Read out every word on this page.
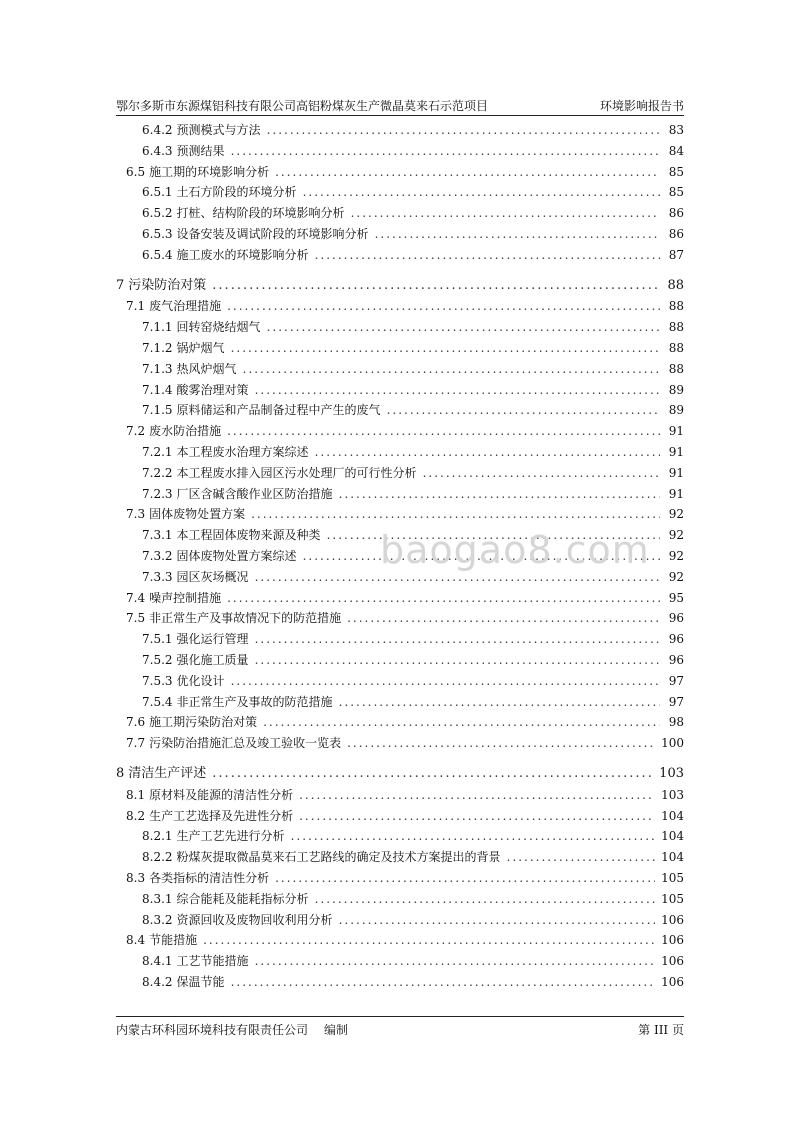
鄂尔多斯市东源煤铝科技有限公司高铝粉煤灰生产微晶莫来石示范项目	环境影响报告书
6.4.2 预测模式与方法 .....	83
6.4.3 预测结果 .....	84
6.5 施工期的环境影响分析 .....	85
6.5.1 土石方阶段的环境分析 .....	85
6.5.2 打桩、结构阶段的环境影响分析 .....	86
6.5.3 设备安装及调试阶段的环境影响分析 .....	86
6.5.4 施工废水的环境影响分析 .....	87
7 污染防治对策 .....	88
7.1 废气治理措施 .....	88
7.1.1 回转窑烧结烟气 .....	88
7.1.2 锅炉烟气 .....	88
7.1.3 热风炉烟气 .....	88
7.1.4 酸雾治理对策 .....	89
7.1.5 原料储运和产品制备过程中产生的废气 .....	89
7.2 废水防治措施 .....	91
7.2.1 本工程废水治理方案综述 .....	91
7.2.2 本工程废水排入园区污水处理厂的可行性分析 .....	91
7.2.3 厂区含碱含酸作业区防治措施 .....	91
7.3 固体废物处置方案 .....	92
7.3.1 本工程固体废物来源及种类 .....	92
7.3.2 固体废物处置方案综述 .....	92
7.3.3 园区灰场概况 .....	92
7.4 噪声控制措施 .....	95
7.5 非正常生产及事故情况下的防范措施 .....	96
7.5.1 强化运行管理 .....	96
7.5.2 强化施工质量 .....	96
7.5.3 优化设计 .....	97
7.5.4 非正常生产及事故的防范措施 .....	97
7.6 施工期污染防治对策 .....	98
7.7 污染防治措施汇总及竣工验收一览表 .....	100
8 清洁生产评述 .....	103
8.1 原材料及能源的清洁性分析 .....	103
8.2 生产工艺选择及先进性分析 .....	104
8.2.1 生产工艺先进行分析 .....	104
8.2.2 粉煤灰提取微晶莫来石工艺路线的确定及技术方案提出的背景 .....	104
8.3 各类指标的清洁性分析 .....	105
8.3.1 综合能耗及能耗指标分析 .....	105
8.3.2 资源回收及废物回收利用分析 .....	106
8.4 节能措施 .....	106
8.4.1 工艺节能措施 .....	106
8.4.2 保温节能 .....	106
baogao8.com
内蒙古环科园环境科技有限责任公司 编制	第 III 页
